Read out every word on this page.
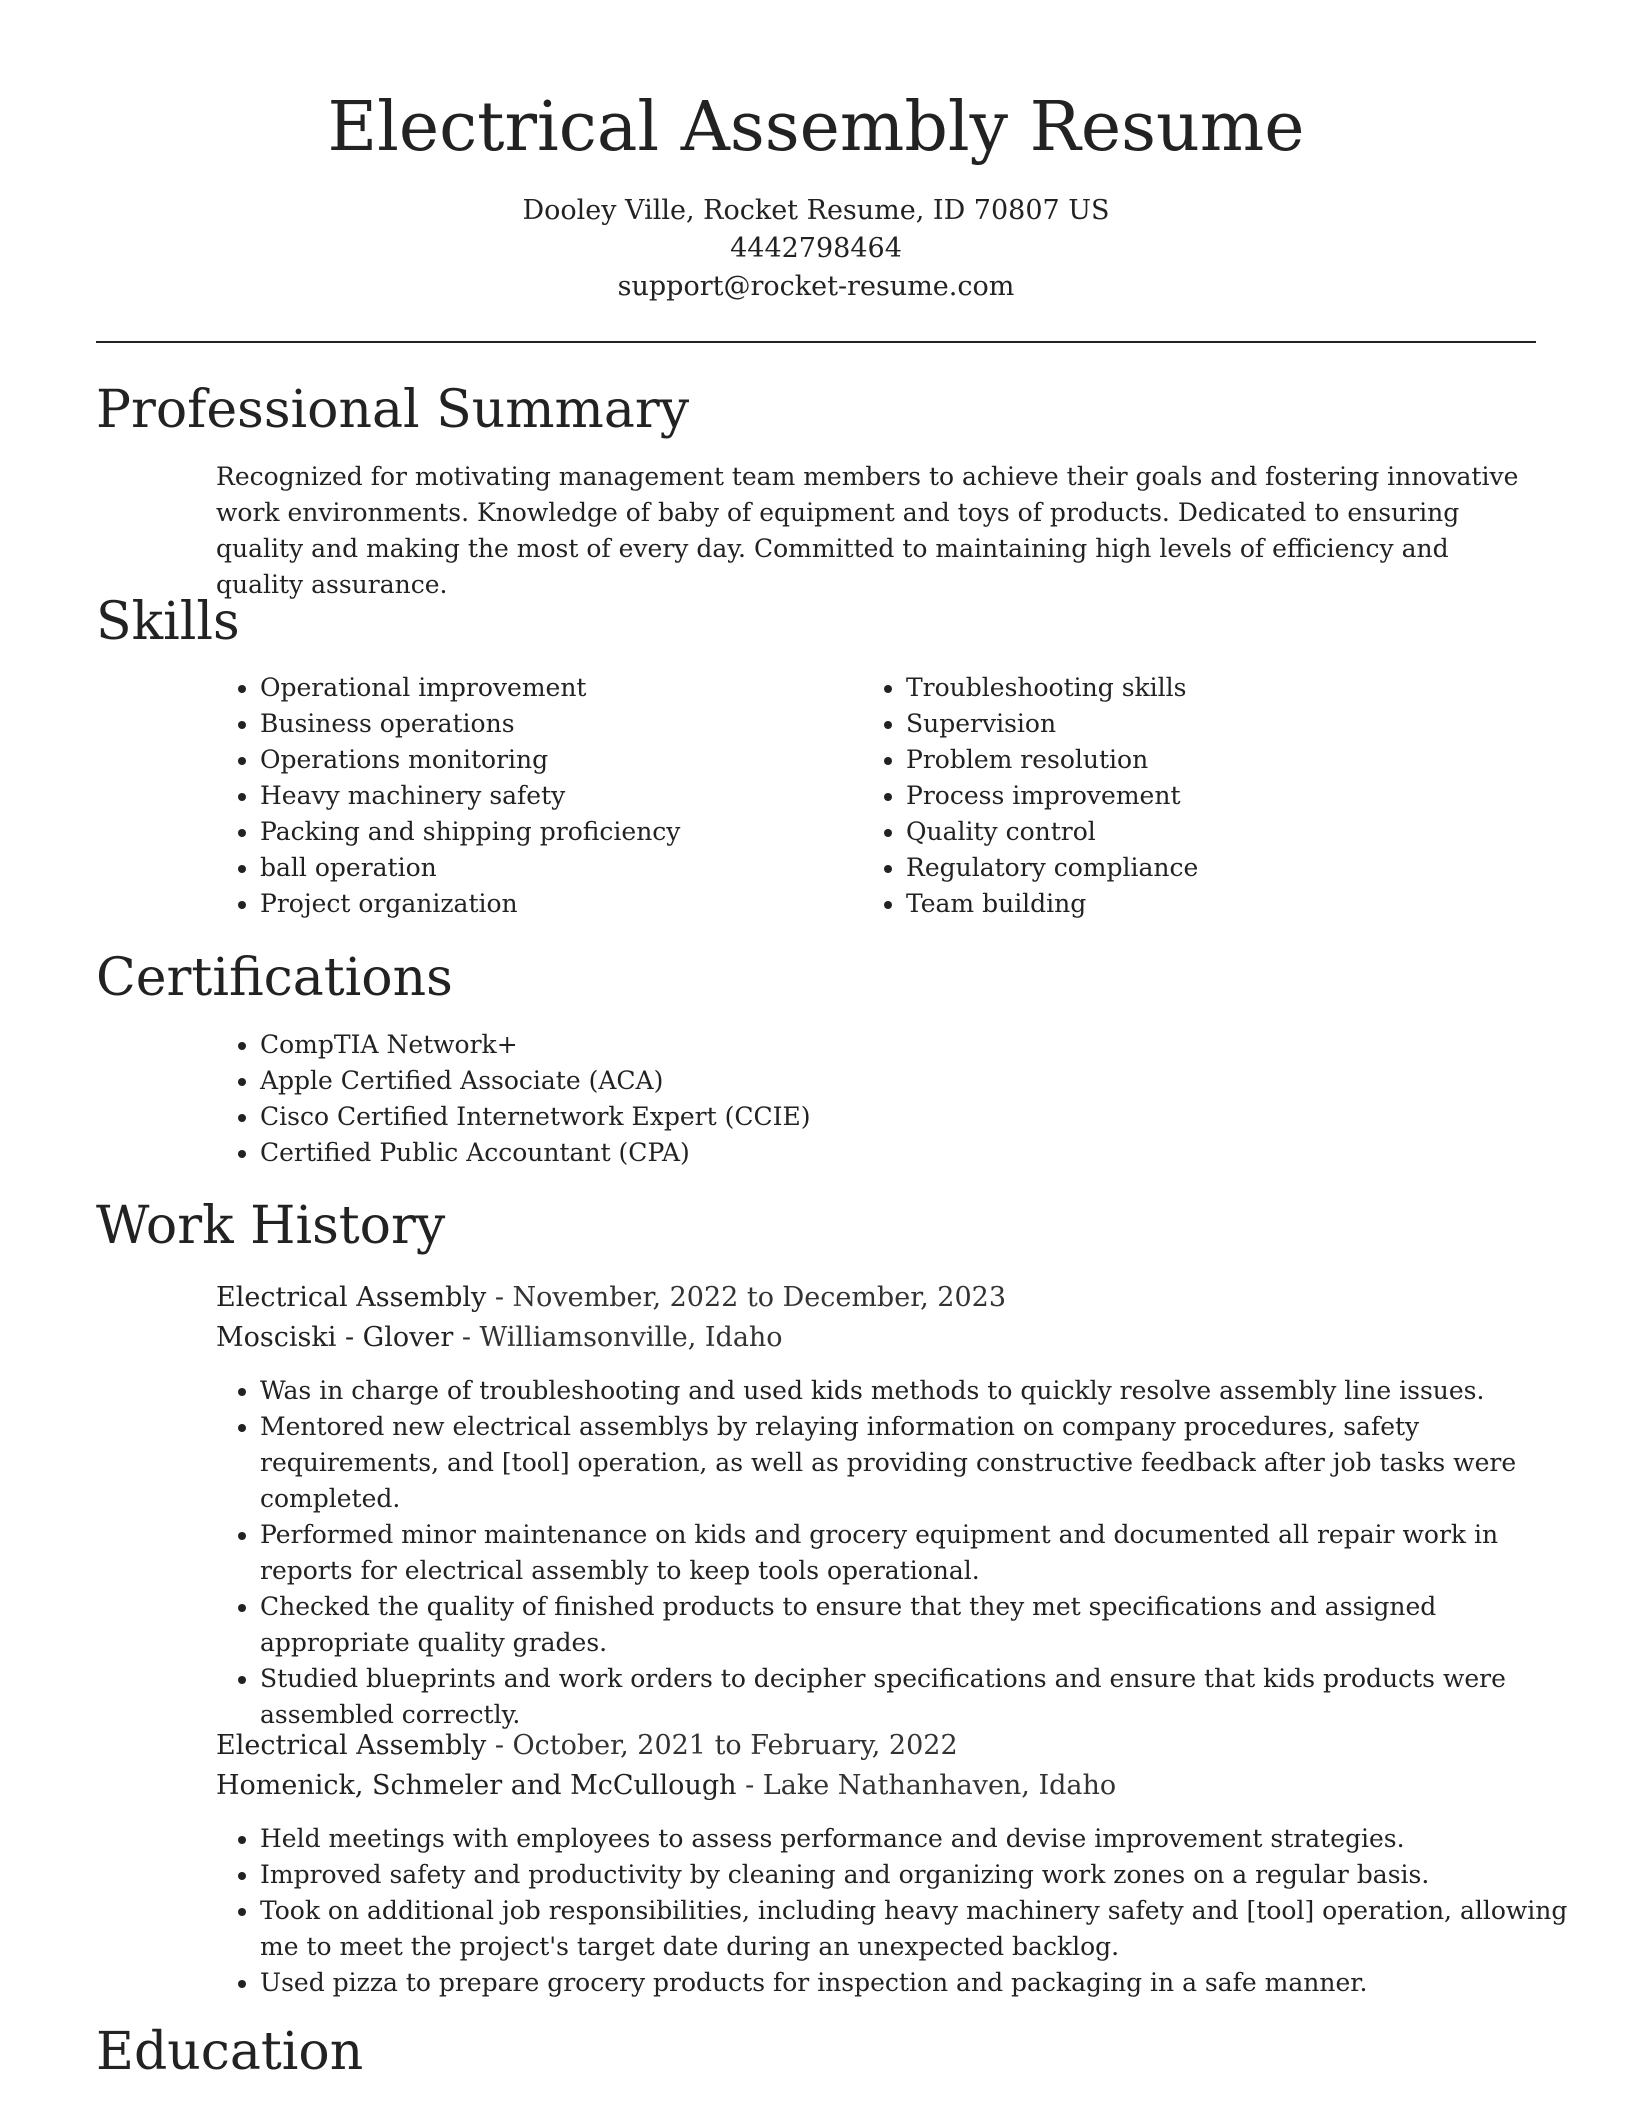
Electrical Assembly Resume
Dooley Ville, Rocket Resume, ID 70807 US
4442798464
support@rocket-resume.com
Professional Summary

Recognized for motivating management team members to achieve their goals and fostering innovative work environments. Knowledge of baby of equipment and toys of products. Dedicated to ensuring quality and making the most of every day. Committed to maintaining high levels of efficiency and quality assurance.

Skills
• Operational improvement
• Business operations
• Operations monitoring
• Heavy machinery safety
• Packing and shipping proficiency
• ball operation
• Project organization
• Troubleshooting skills
• Supervision
• Problem resolution
• Process improvement
• Quality control
• Regulatory compliance
• Team building
Certifications
• CompTIA Network+
• Apple Certified Associate (ACA)
• Cisco Certified Internetwork Expert (CCIE)
• Certified Public Accountant (CPA)
Work History
Electrical Assembly - November, 2022 to December, 2023
Mosciski - Glover - Williamsonville, Idaho
• Was in charge of troubleshooting and used kids methods to quickly resolve assembly line issues.
• Mentored new electrical assemblys by relaying information on company procedures, safety requirements, and [tool] operation, as well as providing constructive feedback after job tasks were completed.
• Performed minor maintenance on kids and grocery equipment and documented all repair work in reports for electrical assembly to keep tools operational.
• Checked the quality of finished products to ensure that they met specifications and assigned appropriate quality grades.
• Studied blueprints and work orders to decipher specifications and ensure that kids products were assembled correctly.
Electrical Assembly - October, 2021 to February, 2022
Homenick, Schmeler and McCullough - Lake Nathanhaven, Idaho
• Held meetings with employees to assess performance and devise improvement strategies.
• Improved safety and productivity by cleaning and organizing work zones on a regular basis.
• Took on additional job responsibilities, including heavy machinery safety and [tool] operation, allowing me to meet the project's target date during an unexpected backlog.
• Used pizza to prepare grocery products for inspection and packaging in a safe manner.
Education
